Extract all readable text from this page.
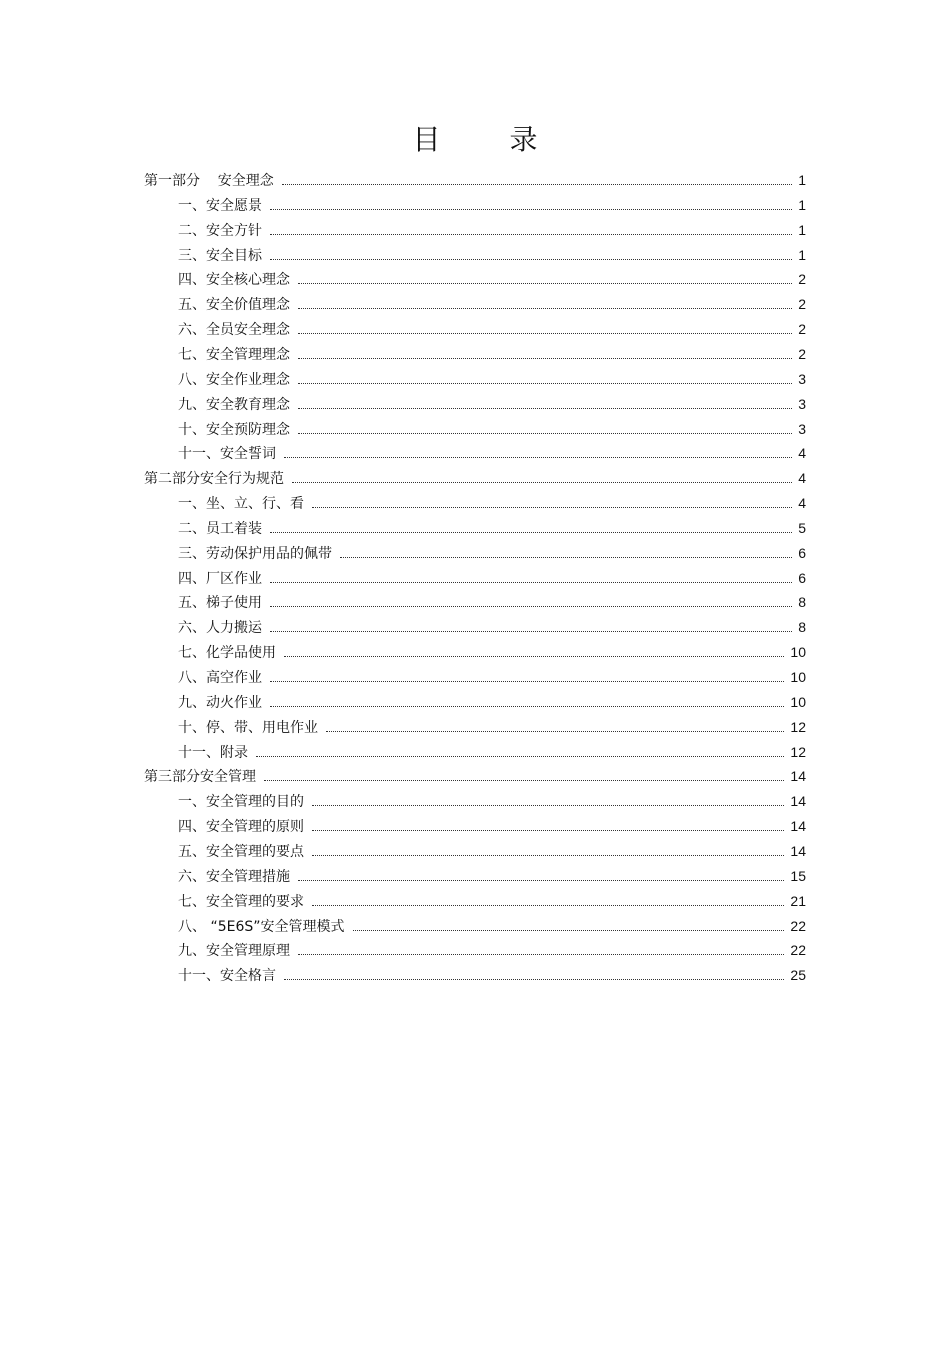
目 录
第一部分    安全理念	1
一、安全愿景	1
二、安全方针	1
三、安全目标	1
四、安全核心理念	2
五、安全价值理念	2
六、全员安全理念	2
七、安全管理理念	2
八、安全作业理念	3
九、安全教育理念	3
十、安全预防理念	3
十一、安全誓词	4
第二部分安全行为规范	4
一、坐、立、行、看	4
二、员工着装	5
三、劳动保护用品的佩带	6
四、厂区作业	6
五、梯子使用	8
六、人力搬运	8
七、化学品使用	10
八、高空作业	10
九、动火作业	10
十、停、带、用电作业	12
十一、附录	12
第三部分安全管理	14
一、安全管理的目的	14
四、安全管理的原则	14
五、安全管理的要点	14
六、安全管理措施	15
七、安全管理的要求	21
八、 “5E6S”安全管理模式	22
九、安全管理原理	22
十一、安全格言	25
